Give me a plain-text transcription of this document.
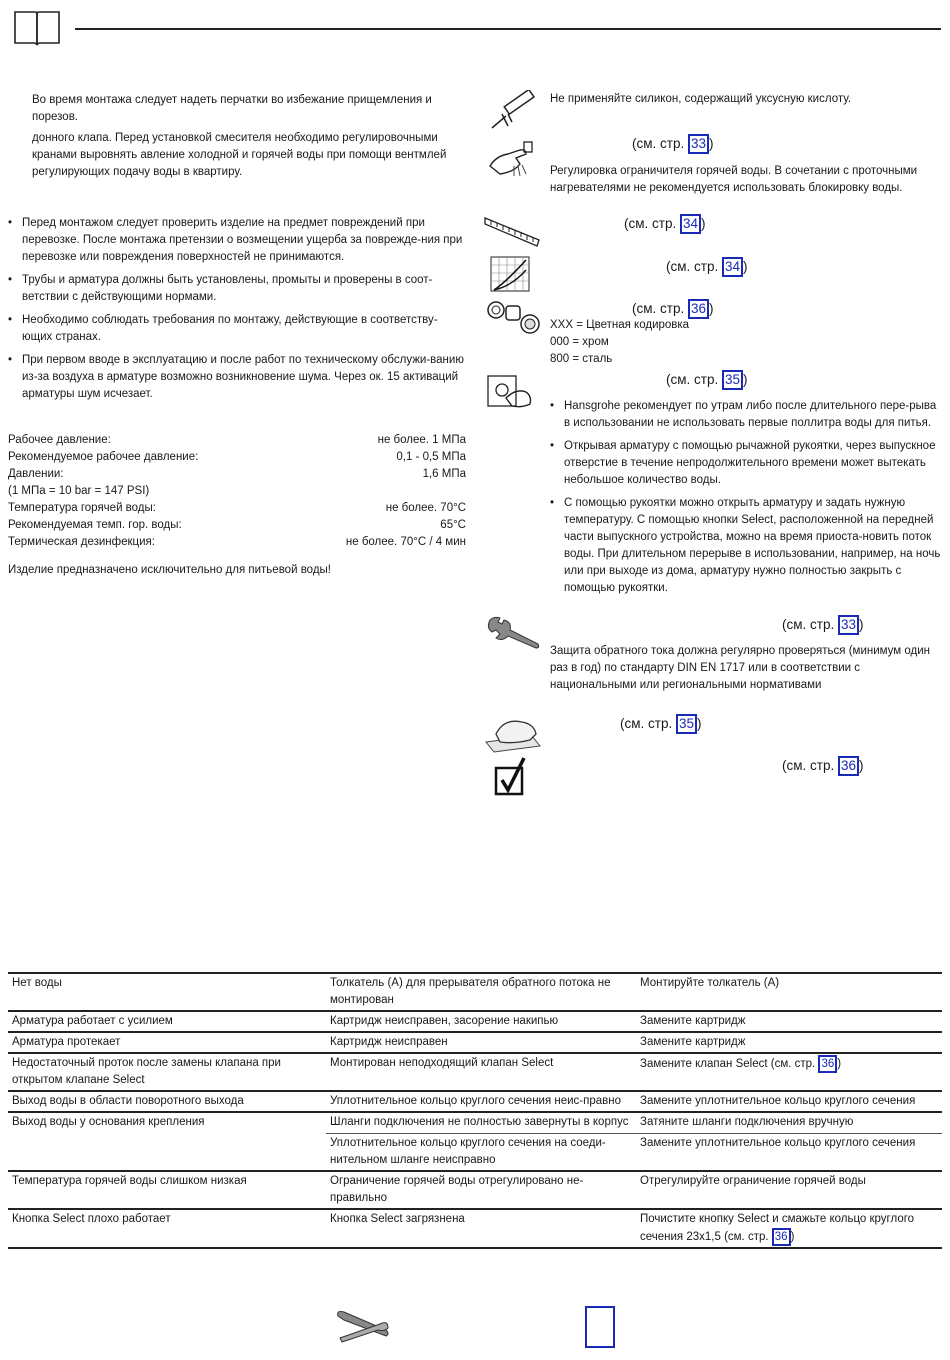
Во время монтажа следует надеть перчатки во избежание прищемления и порезов.

донного клапа. Перед установкой смесителя необходимо регулировочными кранами выровнять авление холодной и горячей воды при помощи вентмлей регулирующих подачу воды в квартиру.

• Перед монтажом следует проверить изделие на предмет повреждений при перевозке. После монтажа претензии о возмещении ущерба за поврежде-ния при перевозке или повреждения поверхностей не принимаются.
• Трубы и арматура должны быть установлены, промыты и проверены в соот-ветствии с действующими нормами.
• Необходимо соблюдать требования по монтажу, действующие в соответству-ющих странах.
• При первом вводе в эксплуатацию и после работ по техническому обслужи-ванию из-за воздуха в арматуре возможно возникновение шума. Через ок. 15 активаций арматуры шум исчезает.
Рабочее давление:	не более. 1 МПа
Рекомендуемое рабочее давление:	0,1 - 0,5 МПа
Давлении:	1,6 МПа
(1 МПа = 10 bar = 147 PSI)
Температура горячей воды:	не более. 70°C
Рекомендуемая темп. гор. воды:	65°C
Термическая дезинфекция:	не более. 70°C / 4 мин

Изделие предназначено исключительно для питьевой воды!

Не применяйте силикон, содержащий уксусную кислоту.

(см. стр. 33 )

Регулировка ограничителя горячей воды. В сочетании с проточными нагревателями не рекомендуется использовать блокировку воды.

(см. стр. 34 )
(см. стр. 34 )
(см. стр. 36 )
XXX = Цветная кодировка
000 = хром
800 = сталь
(см. стр. 35 )
• Hansgrohe рекомендует по утрам либо после длительного пере-рыва в использовании не использовать первые поллитра воды для питья.
• Открывая арматуру с помощью рычажной рукоятки, через выпускное отверстие в течение непродолжительного времени может вытекать небольшое количество воды.
• С помощью рукоятки можно открыть арматуру и задать нужную температуру. С помощью кнопки Select, расположенной на передней части выпускного устройства, можно на время приоста-новить поток воды. При длительном перерыве в использовании, например, на ночь или при выходе из дома, арматуру нужно полностью закрыть с помощью рукоятки.
(см. стр. 33 )

Защита обратного тока должна регулярно проверяться (минимум один раз в год) по стандарту DIN EN 1717 или в соответствии с национальными или региональными нормативами

(см. стр. 35 )
(см. стр. 36 )
Нет воды	Толкатель (A) для прерывателя обратного потока не монтирован	Монтируйте толкатель (A)
Арматура работает с усилием	Картридж неисправен, засорение накипью	Замените картридж
Арматура протекает	Картридж неисправен	Замените картридж
Недостаточный проток после замены клапана при открытом клапане Select	Монтирован неподходящий клапан Select	Замените клапан Select (см. стр. 36 )
Выход воды в области поворотного выхода	Уплотнительное кольцо круглого сечения неис-правно	Замените уплотнительное кольцо круглого сечения
Выход воды у основания крепления	Шланги подключения не полностью завернуты в корпус	Затяните шланги подключения вручную
	Уплотнительное кольцо круглого сечения на соеди-нительном шланге неисправно	Замените уплотнительное кольцо круглого сечения
Температура горячей воды слишком низкая	Ограничение горячей воды отрегулировано не-правильно	Отрегулируйте ограничение горячей воды
Кнопка Select плохо работает	Кнопка Select загрязнена	Почистите кнопку Select и смажьте кольцо круглого сечения 23x1,5 (см. стр. 36 )
